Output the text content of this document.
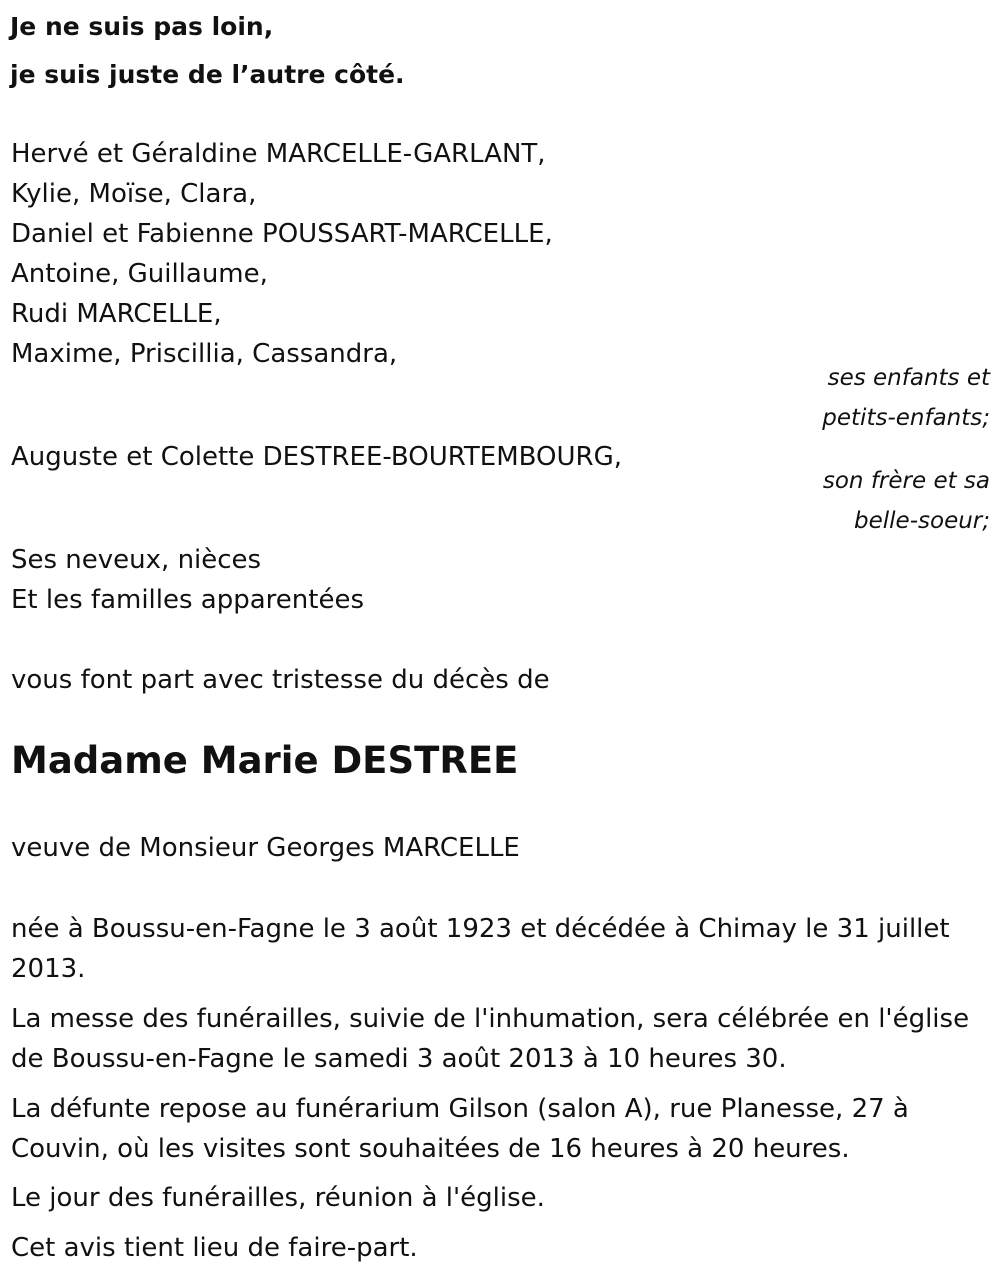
Je ne suis pas loin,
je suis juste de l’autre côté.
Hervé et Géraldine MARCELLE-GARLANT,
Kylie, Moïse, Clara,
Daniel et Fabienne POUSSART-MARCELLE,
Antoine, Guillaume,
Rudi MARCELLE,
Maxime, Priscillia, Cassandra,
ses enfants et
petits-enfants;
Auguste et Colette DESTREE-BOURTEMBOURG,
son frère et sa
belle-soeur;
Ses neveux, nièces
Et les familles apparentées
vous font part avec tristesse du décès de
Madame Marie DESTREE
veuve de Monsieur Georges MARCELLE
née à Boussu-en-Fagne le 3 août 1923 et décédée à Chimay le 31 juillet 2013.
La messe des funérailles, suivie de l'inhumation, sera célébrée en l'église de Boussu-en-Fagne le samedi 3 août 2013 à 10 heures 30.
La défunte repose au funérarium Gilson (salon A), rue Planesse, 27 à Couvin, où les visites sont souhaitées de 16 heures à 20 heures.
Le jour des funérailles, réunion à l'église.
Cet avis tient lieu de faire-part.
